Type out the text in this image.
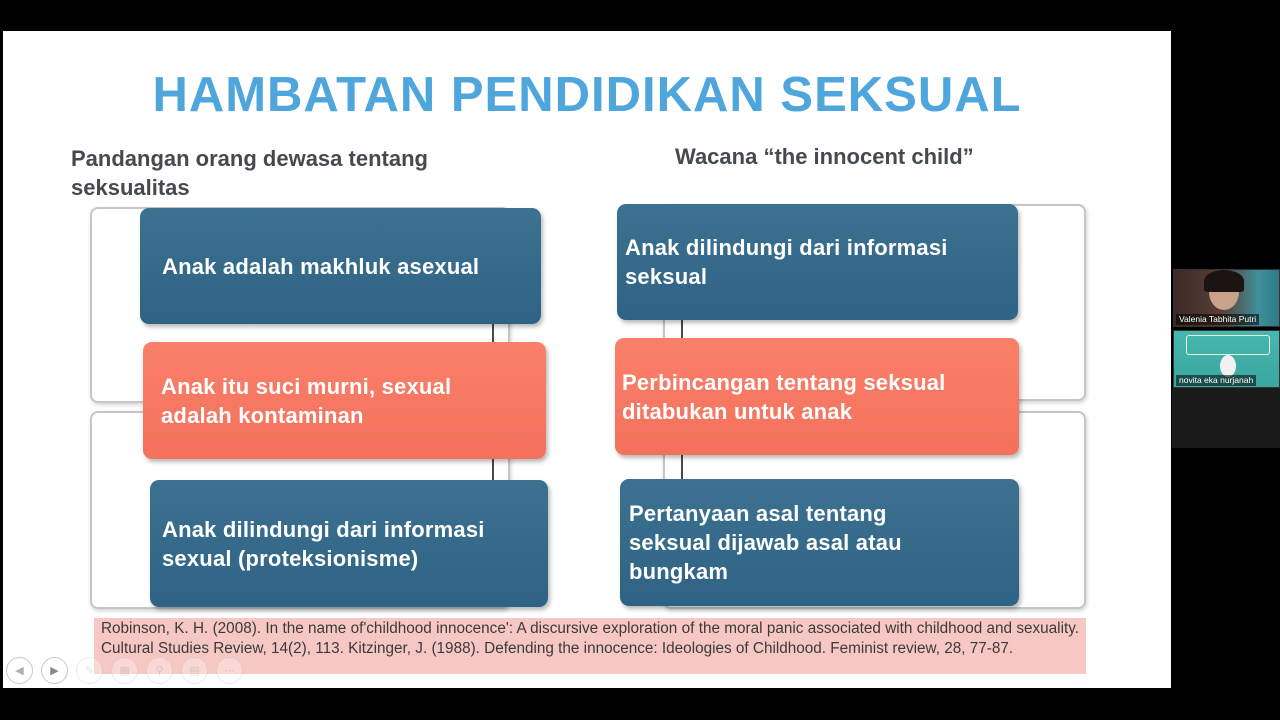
HAMBATAN PENDIDIKAN SEKSUAL
Pandangan orang dewasa tentang seksualitas
Wacana “the innocent child”
Anak adalah makhluk asexual
Anak itu suci murni, sexual adalah kontaminan
Anak dilindungi dari informasi sexual (proteksionisme)
Anak dilindungi dari informasi seksual
Perbincangan tentang seksual ditabukan untuk anak
Pertanyaan asal tentang seksual dijawab asal atau bungkam
Robinson, K. H. (2008). In the name of'childhood innocence': A discursive exploration of the moral panic associated with childhood and sexuality. Cultural Studies Review, 14(2), 113. Kitzinger, J. (1988). Defending the innocence: Ideologies of Childhood. Feminist review, 28, 77-87.
◀ ▶ ✎ ▦ ⚲ ▤ ⋯
Valenia Tabhita Putri
novita eka nurjanah
